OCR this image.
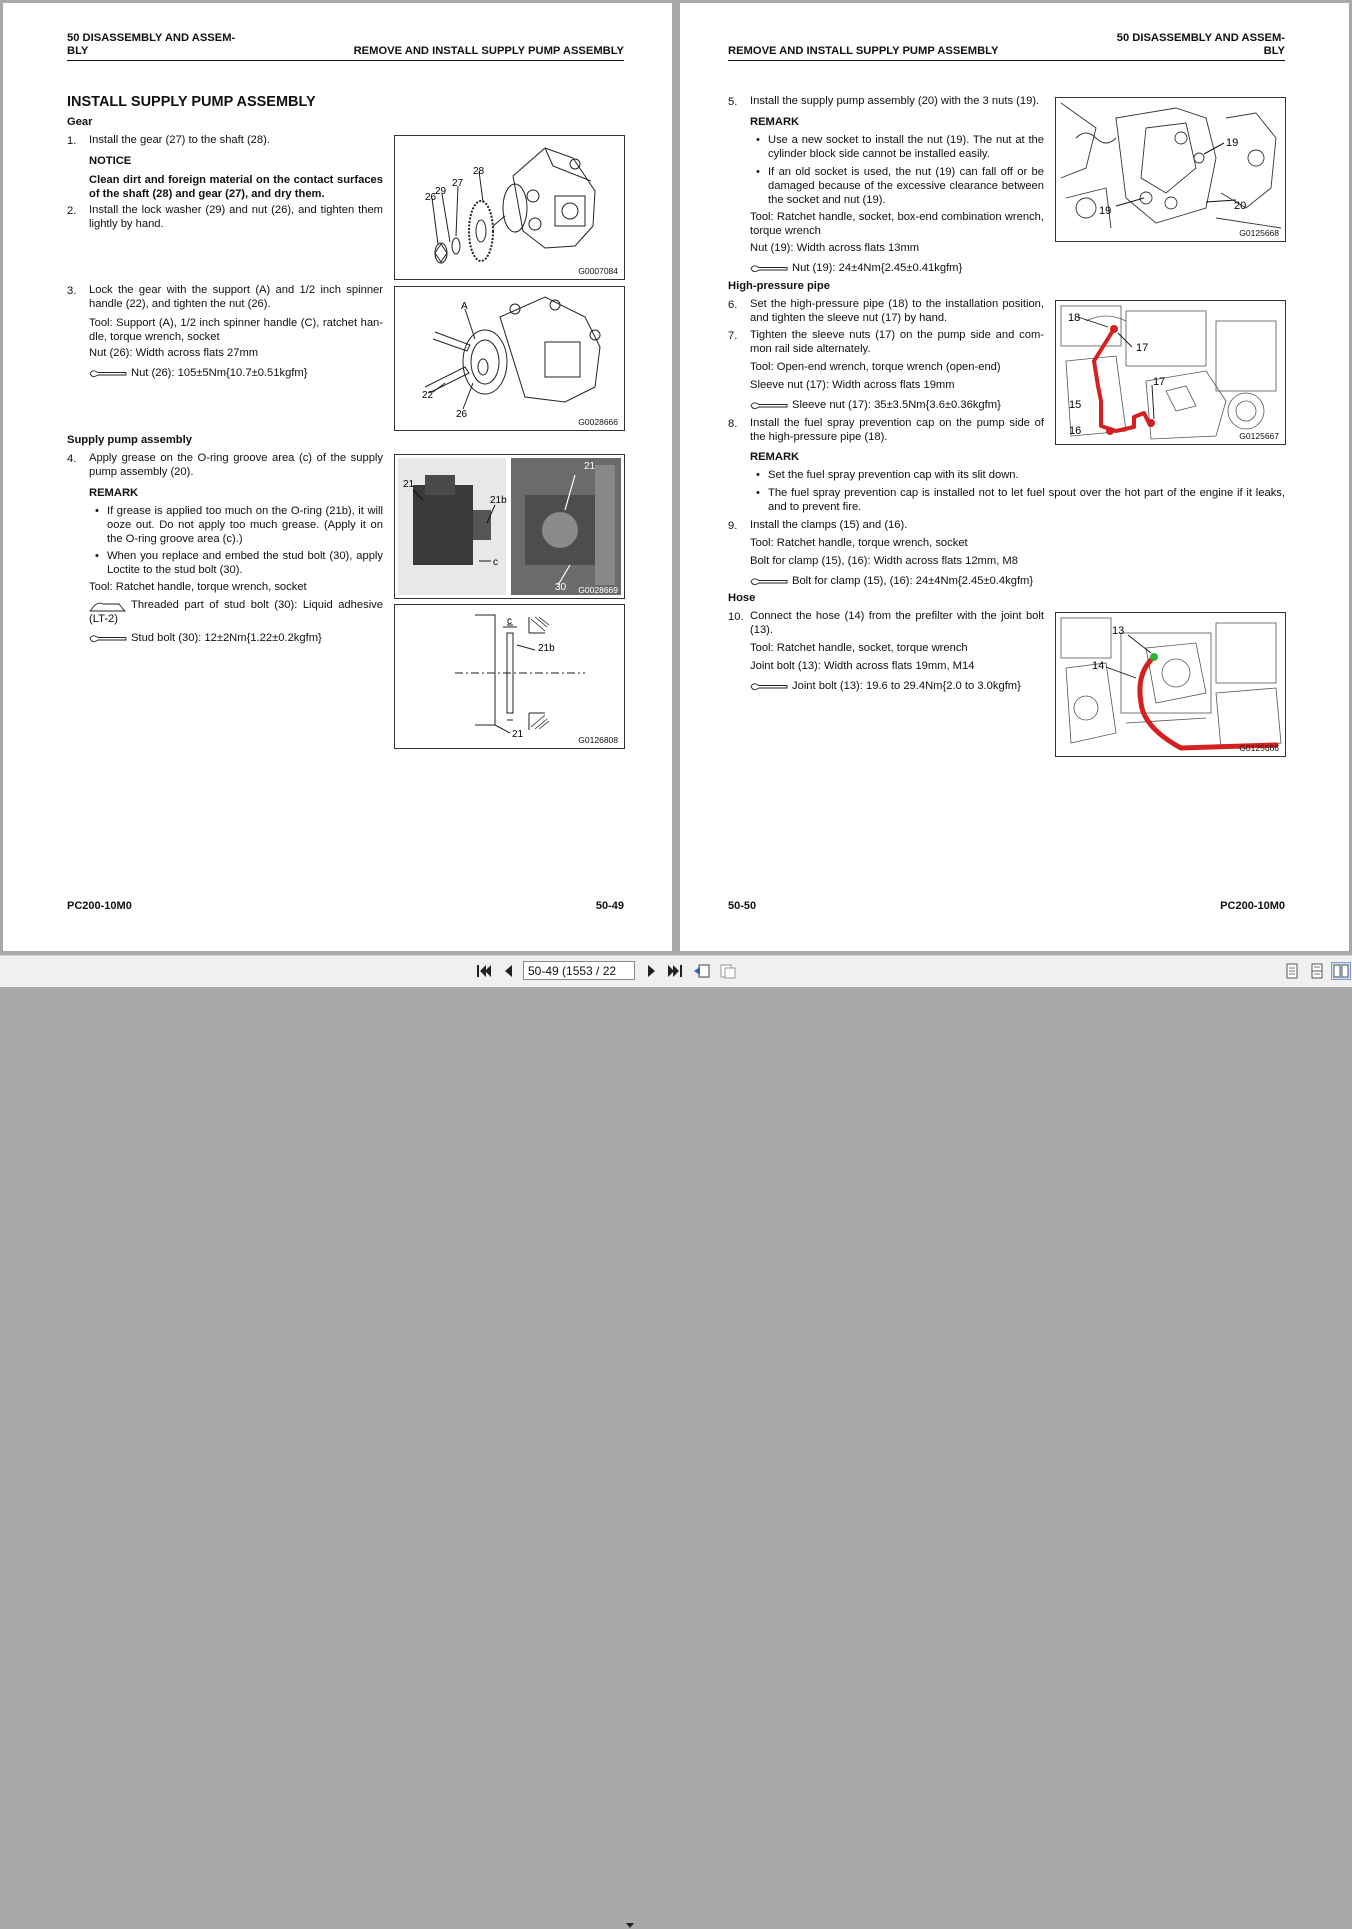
50 DISASSEMBLY AND ASSEM-
BLY	REMOVE AND INSTALL SUPPLY PUMP ASSEMBLY
INSTALL SUPPLY PUMP ASSEMBLY
Gear
1. Install the gear (27) to the shaft (28).
NOTICE
Clean dirt and foreign material on the contact surfaces of the shaft (28) and gear (27), and dry them.
2. Install the lock washer (29) and nut (26), and tighten them lightly by hand.
3. Lock the gear with the support (A) and 1/2 inch spinner handle (22), and tighten the nut (26).
Tool: Support (A), 1/2 inch spinner handle (C), ratchet han-dle, torque wrench, socket
Nut (26): Width across flats 27mm
Nut (26): 105±5Nm{10.7±0.51kgfm}
Supply pump assembly
4. Apply grease on the O-ring groove area (c) of the supply pump assembly (20).
REMARK
• If grease is applied too much on the O-ring (21b), it will ooze out. Do not apply too much grease. (Apply it on the O-ring groove area (c).)
• When you replace and embed the stud bolt (30), apply Loctite to the stud bolt (30).
Tool: Ratchet handle, torque wrench, socket
Threaded part of stud bolt (30): Liquid adhesive (LT-2)
Stud bolt (30): 12±2Nm{1.22±0.2kgfm}
28
27
29
26
G0007084
A
22
26
G0028666
21
21b
c
21
30 G0028669
c
21b
21	G0126808
PC200-10M0	50-49
REMOVE AND INSTALL SUPPLY PUMP ASSEMBLY
50 DISASSEMBLY AND ASSEM-
BLY
5. Install the supply pump assembly (20) with the 3 nuts (19).
REMARK
• Use a new socket to install the nut (19). The nut at the cylinder block side cannot be installed easily.
• If an old socket is used, the nut (19) can fall off or be damaged because of the excessive clearance between the socket and nut (19).
Tool: Ratchet handle, socket, box-end combination wrench, torque wrench
Nut (19): Width across flats 13mm
Nut (19): 24±4Nm{2.45±0.41kgfm}
High-pressure pipe
6. Set the high-pressure pipe (18) to the installation position, and tighten the sleeve nut (17) by hand.
7. Tighten the sleeve nuts (17) on the pump side and com-mon rail side alternately.
Tool: Open-end wrench, torque wrench (open-end)
Sleeve nut (17): Width across flats 19mm
Sleeve nut (17): 35±3.5Nm{3.6±0.36kgfm}
8. Install the fuel spray prevention cap on the pump side of the high-pressure pipe (18).
REMARK
• Set the fuel spray prevention cap with its slit down.
• The fuel spray prevention cap is installed not to let fuel spout over the hot part of the engine if it leaks, and to prevent fire.
9. Install the clamps (15) and (16).
Tool: Ratchet handle, torque wrench, socket
Bolt for clamp (15), (16): Width across flats 12mm, M8
Bolt for clamp (15), (16): 24±4Nm{2.45±0.4kgfm}
Hose
10. Connect the hose (14) from the prefilter with the joint bolt (13).
Tool: Ratchet handle, socket, torque wrench
Joint bolt (13): Width across flats 19mm, M14
Joint bolt (13): 19.6 to 29.4Nm{2.0 to 3.0kgfm}
19
19	20
G0125668
18
17
17
15
16	G0125667
13
14
G0125666
50-50	PC200-10M0
50-49 (1553 / 22
